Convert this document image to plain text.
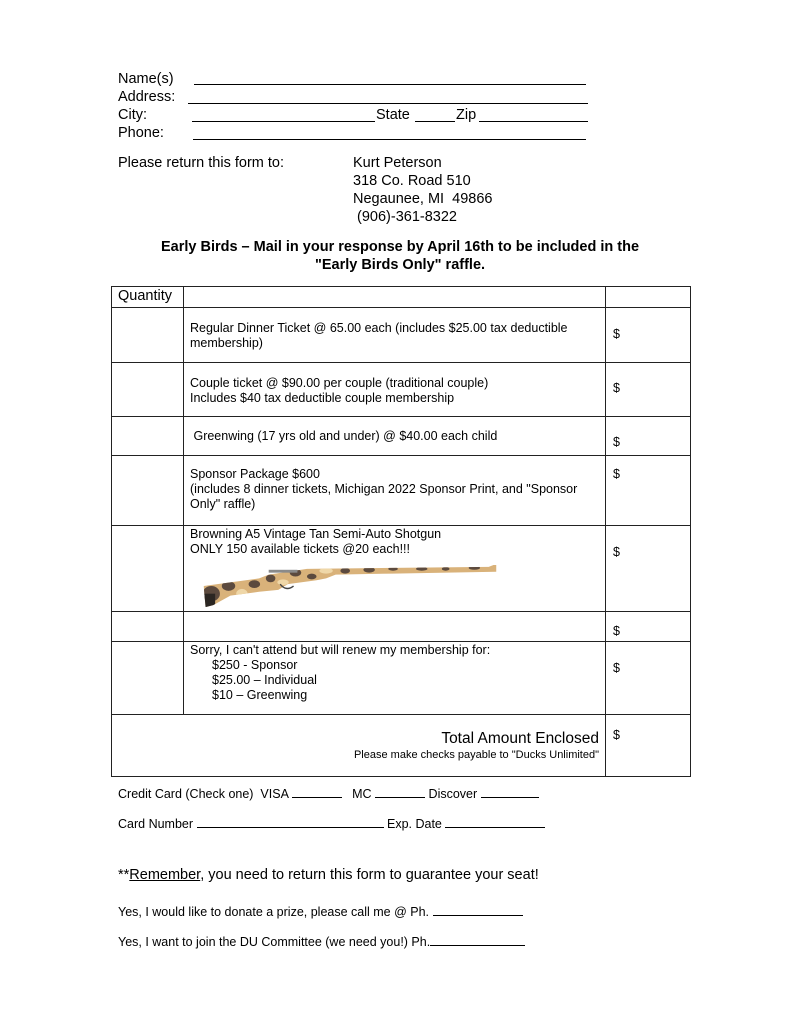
Name(s)
Address:
City:	State	Zip
Phone:
Please return this form to:	Kurt Peterson
318 Co. Road 510
Negaunee, MI  49866
(906)-361-8322
Early Birds – Mail in your response by April 16th to be included in the
"Early Birds Only" raffle.
Quantity		

	Regular Dinner Ticket @ 65.00 each (includes $25.00 tax deductible
membership)	$

	Couple ticket @ $90.00 per couple (traditional couple)
Includes $40 tax deductible couple membership	$

	Greenwing (17 yrs old and under) @ $40.00 each child	$

	Sponsor Package $600
(includes 8 dinner tickets, Michigan 2022 Sponsor Print, and "Sponsor
Only" raffle)	$

	Browning A5 Vintage Tan Semi-Auto Shotgun
ONLY 150 available tickets @20 each!!!	$
		$

	Sorry, I can't attend but will renew my membership for:
$250 - Sponsor
$25.00 – Individual
$10 – Greenwing	$

Total Amount Enclosed
Please make checks payable to "Ducks Unlimited"		$
Credit Card (Check one) VISA	MC	Discover
Card Number	Exp. Date
**Remember, you need to return this form to guarantee your seat!
Yes, I would like to donate a prize, please call me @ Ph.
Yes, I want to join the DU Committee (we need you!) Ph.
